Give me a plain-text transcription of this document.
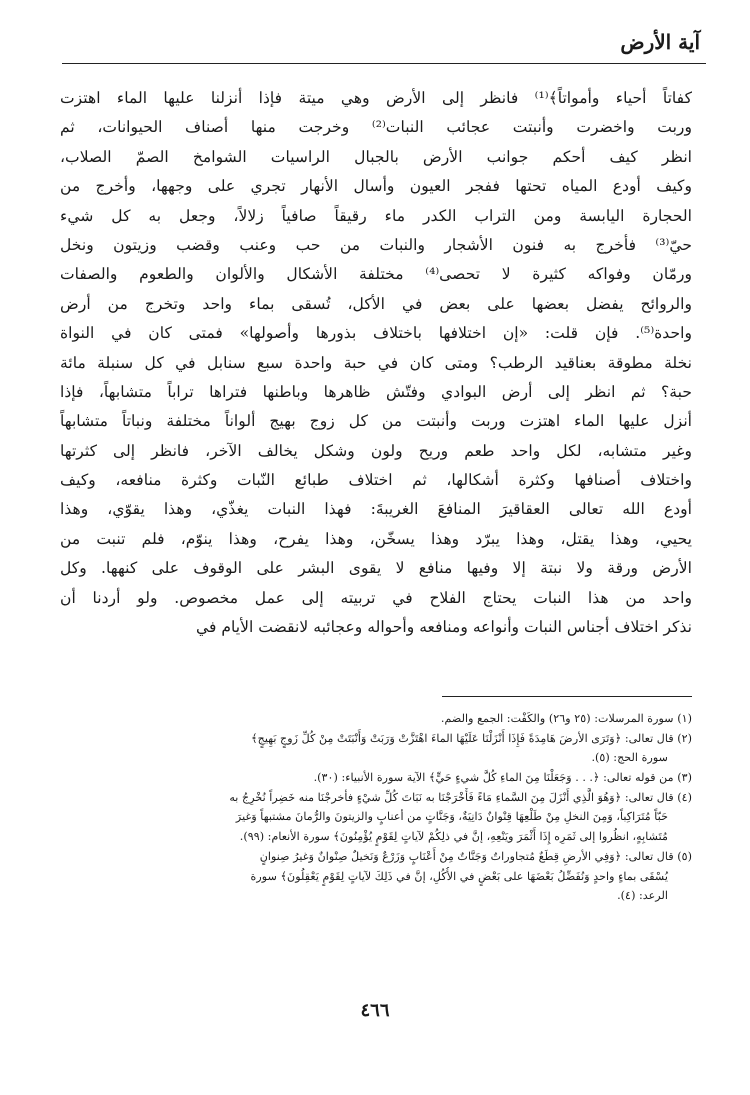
آية الأرض
كفاتاً أحياء وأمواتاً﴾⁽¹⁾ فانظر إلى الأرض وهي ميتة فإذا أنزلنا عليها الماء اهتزت
وربت واخضرت وأنبتت عجائب النبات⁽²⁾ وخرجت منها أصناف الحيوانات، ثم
انظر كيف أحكم جوانب الأرض بالجبال الراسيات الشوامخ الصمّ الصلاب،
وكيف أودع المياه تحتها ففجر العيون وأسال الأنهار تجري على وجهها، وأخرج من
الحجارة اليابسة ومن التراب الكدر ماء رقيقاً صافياً زلالاً، وجعل به كل شيء
حيّ⁽³⁾ فأخرج به فنون الأشجار والنبات من حب وعنب وقضب وزيتون ونخل
ورمّان وفواكه كثيرة لا تحصى⁽⁴⁾ مختلفة الأشكال والألوان والطعوم والصفات
والروائح يفضل بعضها على بعض في الأكل، تُسقى بماء واحد وتخرج من أرض
واحدة⁽⁵⁾. فإن قلت: «إن اختلافها باختلاف بذورها وأصولها» فمتى كان في النواة
نخلة مطوقة بعناقيد الرطب؟ ومتى كان في حبة واحدة سبع سنابل في كل سنبلة مائة
حبة؟ ثم انظر إلى أرض البوادي وفتّش ظاهرها وباطنها فتراها تراباً متشابهاً، فإذا
أنزل عليها الماء اهتزت وربت وأنبتت من كل زوج بهيج ألواناً مختلفة ونباتاً متشابهاً
وغير متشابه، لكل واحد طعم وريح ولون وشكل يخالف الآخر، فانظر إلى كثرتها
واختلاف أصنافها وكثرة أشكالها، ثم اختلاف طبائع النّبات وكثرة منافعه، وكيف
أودع الله تعالى العقاقيرَ المنافعَ الغريبةَ: فهذا النبات يغذّي، وهذا يقوّي، وهذا
يحيي، وهذا يقتل، وهذا يبرّد وهذا يسخّن، وهذا يفرح، وهذا ينوّم، فلم تنبت من
الأرض ورقة ولا نبتة إلا وفيها منافع لا يقوى البشر على الوقوف على كنهها. وكل
واحد من هذا النبات يحتاج الفلاح في تربيته إلى عمل مخصوص. ولو أردنا أن
نذكر اختلاف أجناس النبات وأنواعه ومنافعه وأحواله وعجائبه لانقضت الأيام في
(١) سورة المرسلات: (٢٥ و٢٦) والكَفْت: الجمع والضم.
(٢) قال تعالى: ﴿وَتَرَى الأرضَ هَامِدَةً فَإِذَا أَنْزَلْنَا عَلَيْهَا الماءَ اهْتَزَّتْ وَرَبَتْ وَأَنْبَتَتْ مِنْ كُلِّ زَوجٍ بَهِيجٍ﴾
سورة الحج: (٥).
(٣) من قوله تعالى: ﴿. . . وَجَعَلْنَا مِنَ الماءِ كُلَّ شيءٍ حَيٍّ﴾ الآية سورة الأنبياء: (٣٠).
(٤) قال تعالى: ﴿وَهُوَ الَّذِي أَنْزَلَ مِنَ السَّماءِ مَاءً فَأَخْرَجْنَا به نَبَاتَ كُلِّ شيْءٍ فأخرجْنَا منه خَضِراً نُخْرِجُ به
حَبّاً مُتَرَاكِباً، وَمِنَ النخلِ مِنْ طَلْعِهَا قِنْوانٌ دَانِيَةٌ، وَجَنَّاتٍ من أعنابٍ والزيتونَ والرُّمانَ مشتبهاً وَغيرَ
مُتَشابِهٍ، انظُروا إلى ثَمَرِه إِذَا أَثْمَرَ ويَنْعِهِ، إنَّ في ذلِكُمْ لآياتٍ لِقَوْمٍ يُؤْمِنُونَ﴾ سورة الأنعام: (٩٩).
(٥) قال تعالى: ﴿وَفِي الأرضِ قِطَعٌ مُتجاوراتٌ وَجَنَّاتٌ مِنْ أَعْنَابٍ وَزَرْعٌ وَنَخيلٌ صِنْوانٌ وَغيرُ صِنوانٍ
يُسْقَى بماءٍ واحدٍ وَنُفَضِّلُ بَعْضَهَا على بَعْضٍ في الأُكُلِ، إنَّ في ذَلِكَ لآياتٍ لِقَوْمٍ يَعْقِلُونَ﴾ سورة
الرعد: (٤).
٤٦٦
